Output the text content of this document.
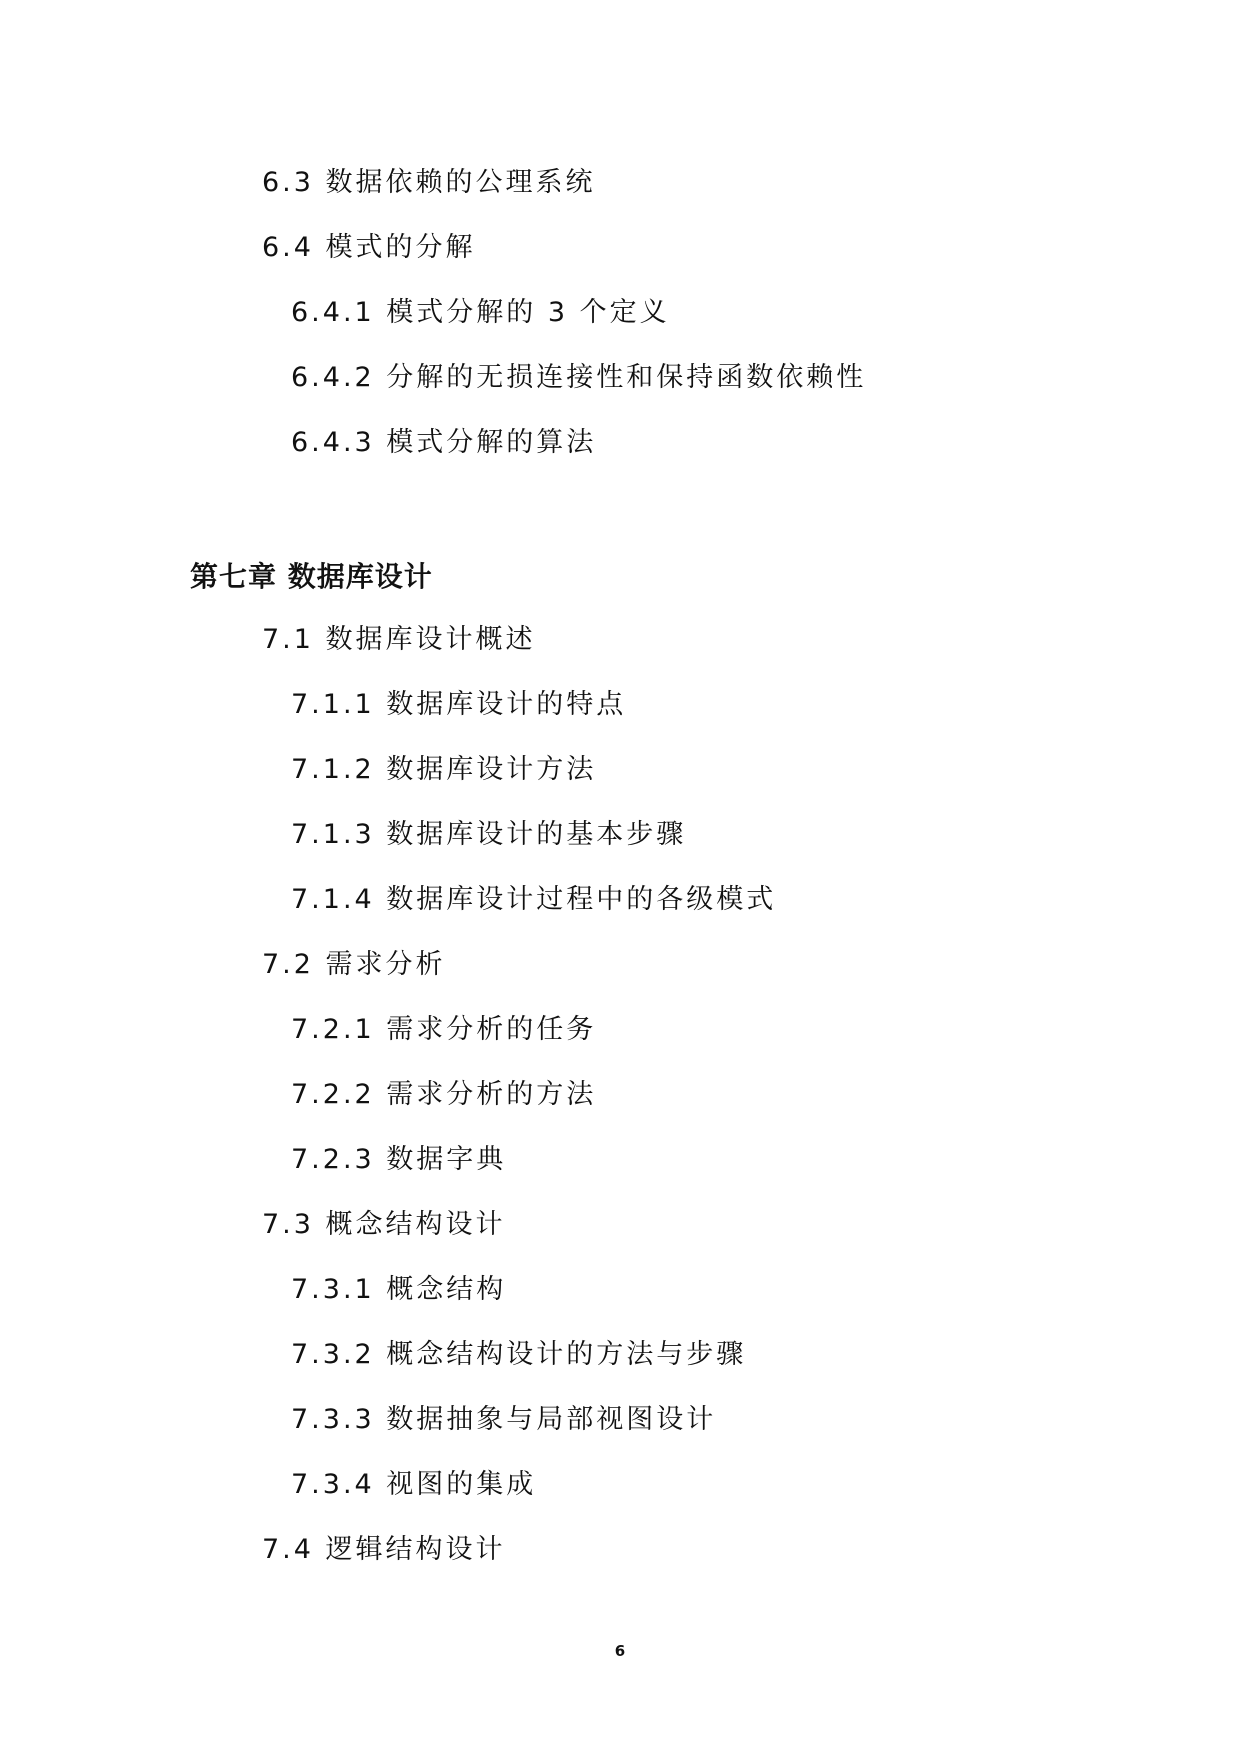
6.3 数据依赖的公理系统
6.4 模式的分解
6.4.1 模式分解的 3 个定义
6.4.2 分解的无损连接性和保持函数依赖性
6.4.3 模式分解的算法
第七章 数据库设计
7.1 数据库设计概述
7.1.1 数据库设计的特点
7.1.2 数据库设计方法
7.1.3 数据库设计的基本步骤
7.1.4 数据库设计过程中的各级模式
7.2 需求分析
7.2.1 需求分析的任务
7.2.2 需求分析的方法
7.2.3 数据字典
7.3 概念结构设计
7.3.1 概念结构
7.3.2 概念结构设计的方法与步骤
7.3.3 数据抽象与局部视图设计
7.3.4 视图的集成
7.4 逻辑结构设计
6
